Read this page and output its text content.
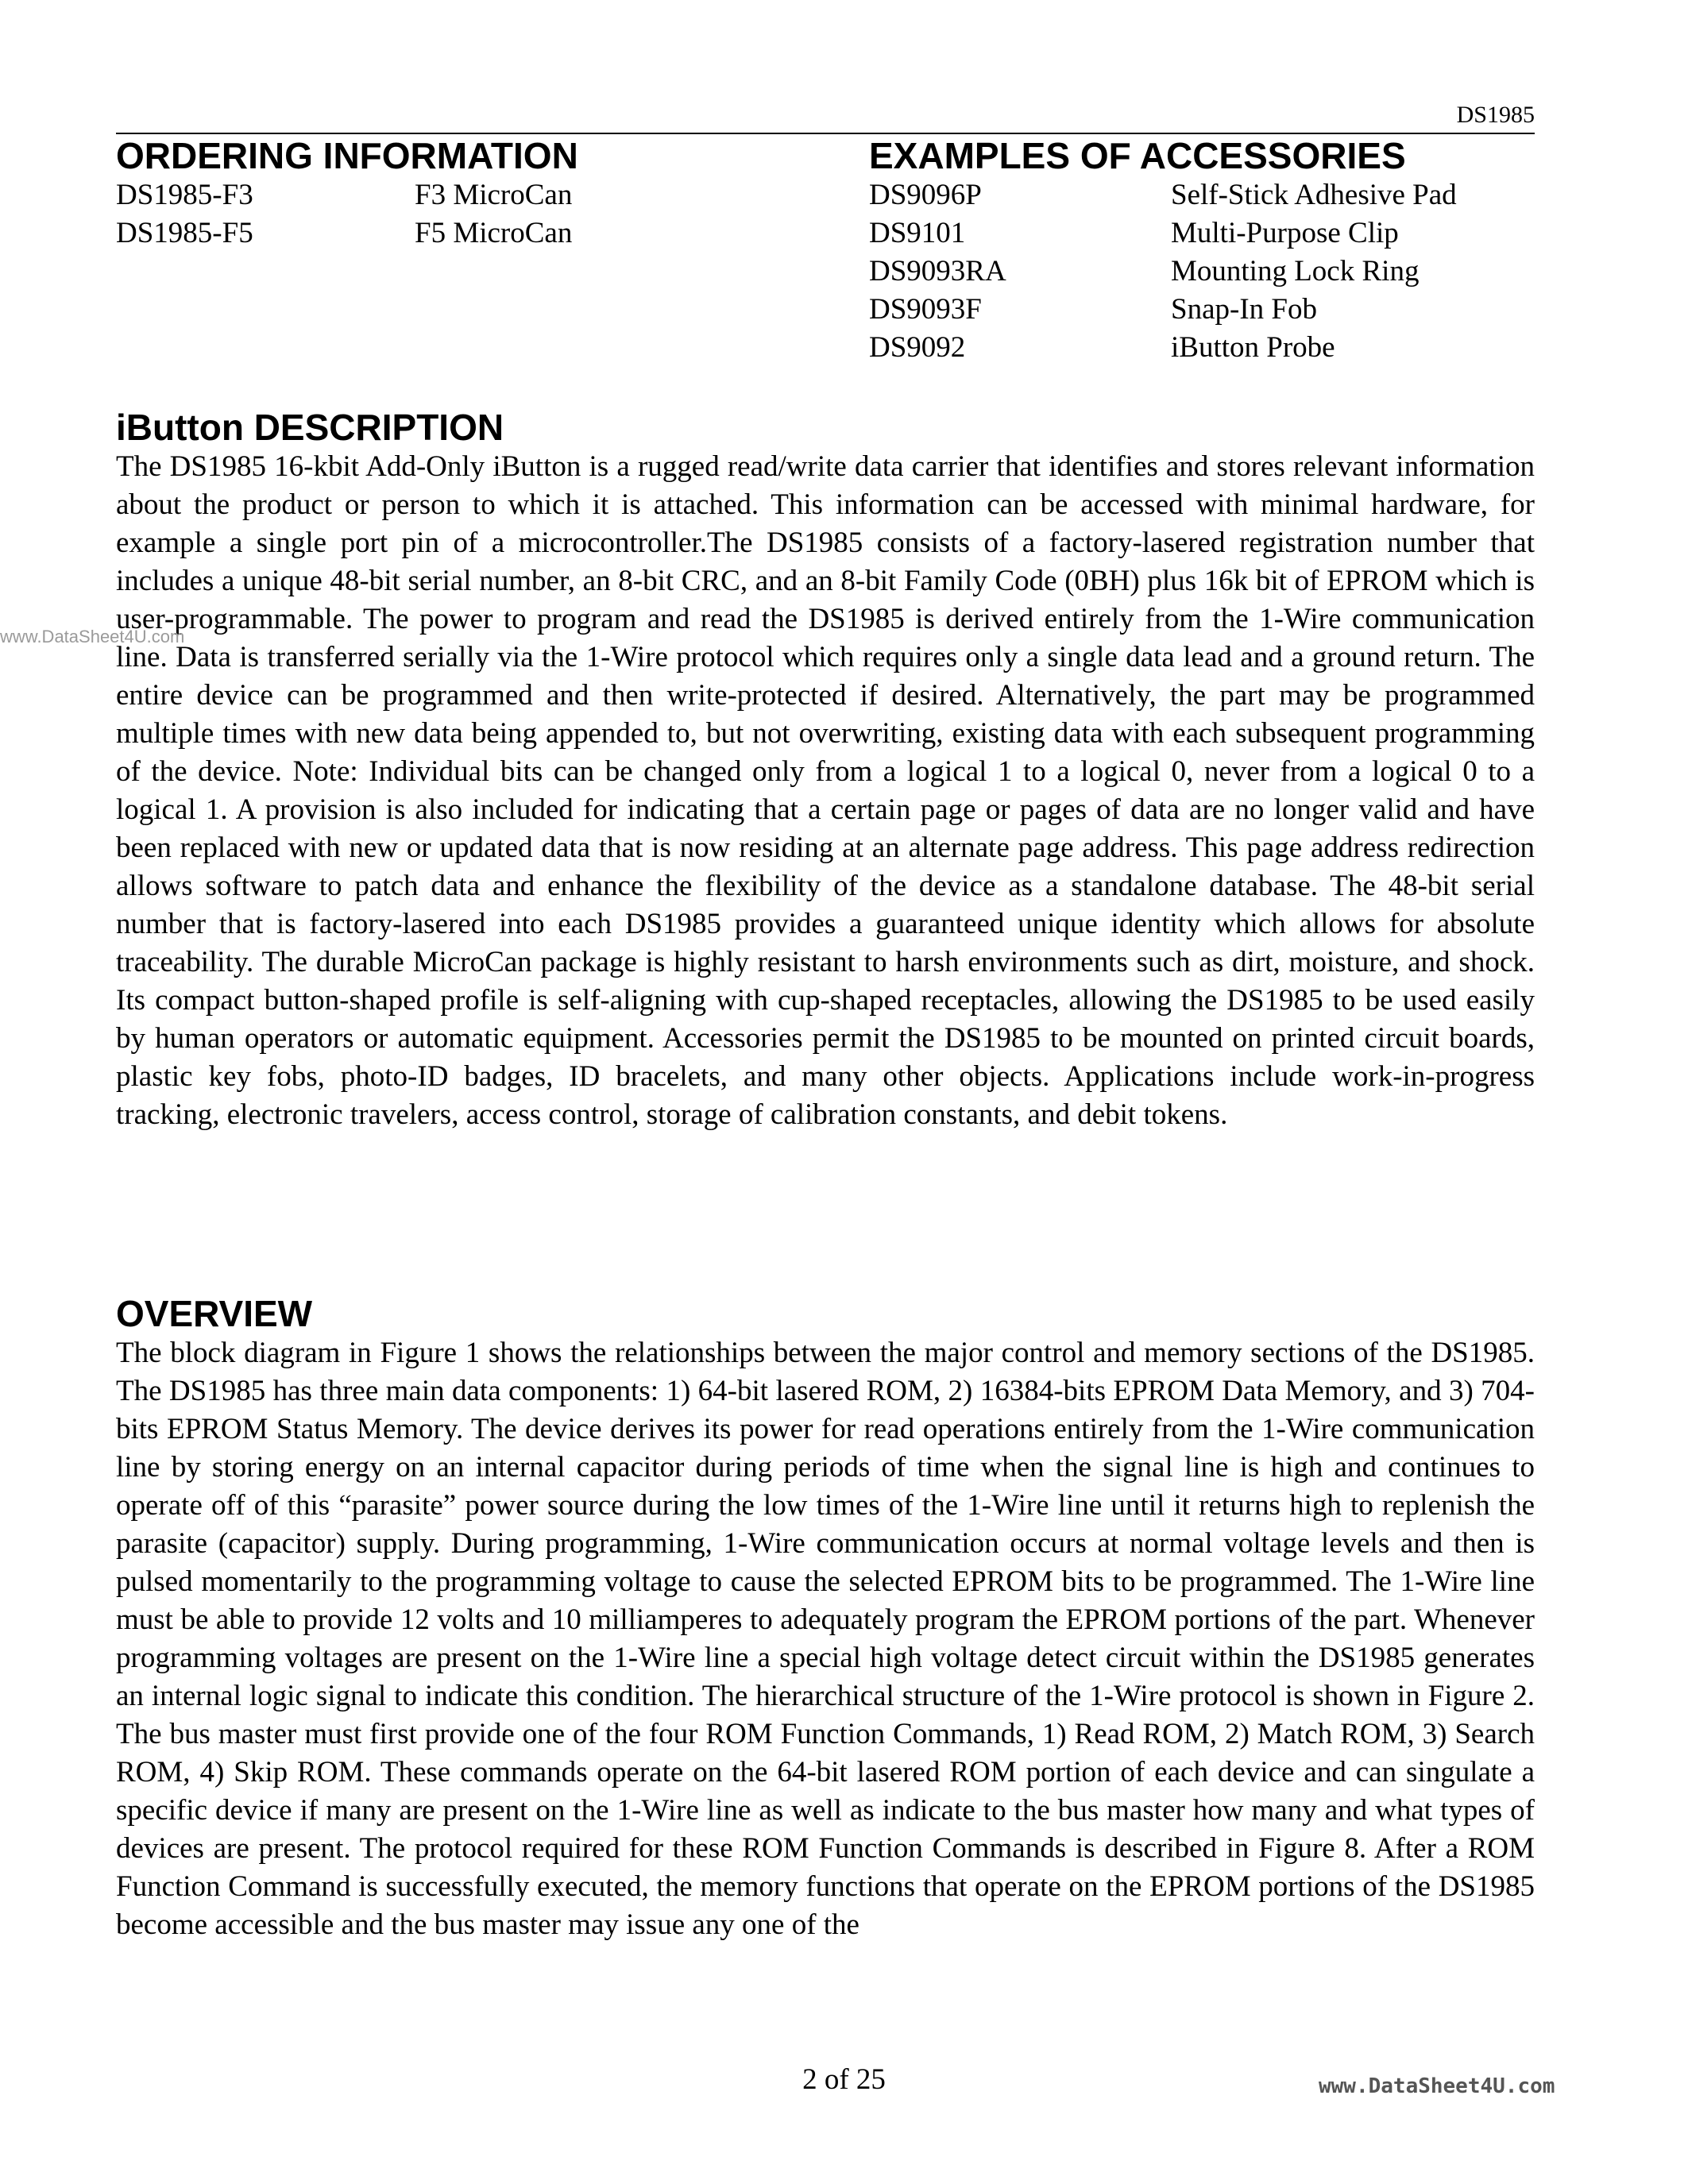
DS1985
ORDERING INFORMATION
DS1985-F3	F3 MicroCan
DS1985-F5	F5 MicroCan
EXAMPLES OF ACCESSORIES
DS9096P	Self-Stick Adhesive Pad
DS9101	Multi-Purpose Clip
DS9093RA	Mounting Lock Ring
DS9093F	Snap-In Fob
DS9092	iButton Probe
iButton DESCRIPTION

The DS1985 16-kbit Add-Only iButton is a rugged read/write data carrier that identifies and stores relevant information about the product or person to which it is attached. This information can be accessed with minimal hardware, for example a single port pin of a microcontroller.The DS1985 consists of a factory-lasered registration number that includes a unique 48-bit serial number, an 8-bit CRC, and an 8-bit Family Code (0BH) plus 16k bit of EPROM which is user-programmable. The power to program and read the DS1985 is derived entirely from the 1-Wire communication line. Data is transferred serially via the 1-Wire protocol which requires only a single data lead and a ground return. The entire device can be programmed and then write-protected if desired. Alternatively, the part may be programmed multiple times with new data being appended to, but not overwriting, existing data with each subsequent programming of the device. Note: Individual bits can be changed only from a logical 1 to a logical 0, never from a logical 0 to a logical 1. A provision is also included for indicating that a certain page or pages of data are no longer valid and have been replaced with new or updated data that is now residing at an alternate page address. This page address redirection allows software to patch data and enhance the flexibility of the device as a standalone database. The 48-bit serial number that is factory-lasered into each DS1985 provides a guaranteed unique identity which allows for absolute traceability. The durable MicroCan package is highly resistant to harsh environments such as dirt, moisture, and shock. Its compact button-shaped profile is self-aligning with cup-shaped receptacles, allowing the DS1985 to be used easily by human operators or automatic equipment. Accessories permit the DS1985 to be mounted on printed circuit boards, plastic key fobs, photo-ID badges, ID bracelets, and many other objects. Applications include work-in-progress tracking, electronic travelers, access control, storage of calibration constants, and debit tokens.

OVERVIEW

The block diagram in Figure 1 shows the relationships between the major control and memory sections of the DS1985. The DS1985 has three main data components: 1) 64-bit lasered ROM, 2) 16384-bits EPROM Data Memory, and 3) 704-bits EPROM Status Memory. The device derives its power for read operations entirely from the 1-Wire communication line by storing energy on an internal capacitor during periods of time when the signal line is high and continues to operate off of this “parasite” power source during the low times of the 1-Wire line until it returns high to replenish the parasite (capacitor) supply. During programming, 1-Wire communication occurs at normal voltage levels and then is pulsed momentarily to the programming voltage to cause the selected EPROM bits to be programmed. The 1-Wire line must be able to provide 12 volts and 10 milliamperes to adequately program the EPROM portions of the part. Whenever programming voltages are present on the 1-Wire line a special high voltage detect circuit within the DS1985 generates an internal logic signal to indicate this condition. The hierarchical structure of the 1-Wire protocol is shown in Figure 2. The bus master must first provide one of the four ROM Function Commands, 1) Read ROM, 2) Match ROM, 3) Search ROM, 4) Skip ROM. These commands operate on the 64-bit lasered ROM portion of each device and can singulate a specific device if many are present on the 1-Wire line as well as indicate to the bus master how many and what types of devices are present. The protocol required for these ROM Function Commands is described in Figure 8. After a ROM Function Command is successfully executed, the memory functions that operate on the EPROM portions of the DS1985 become accessible and the bus master may issue any one of the

www.DataSheet4U.com
2 of 25	www.DataSheet4U.com
